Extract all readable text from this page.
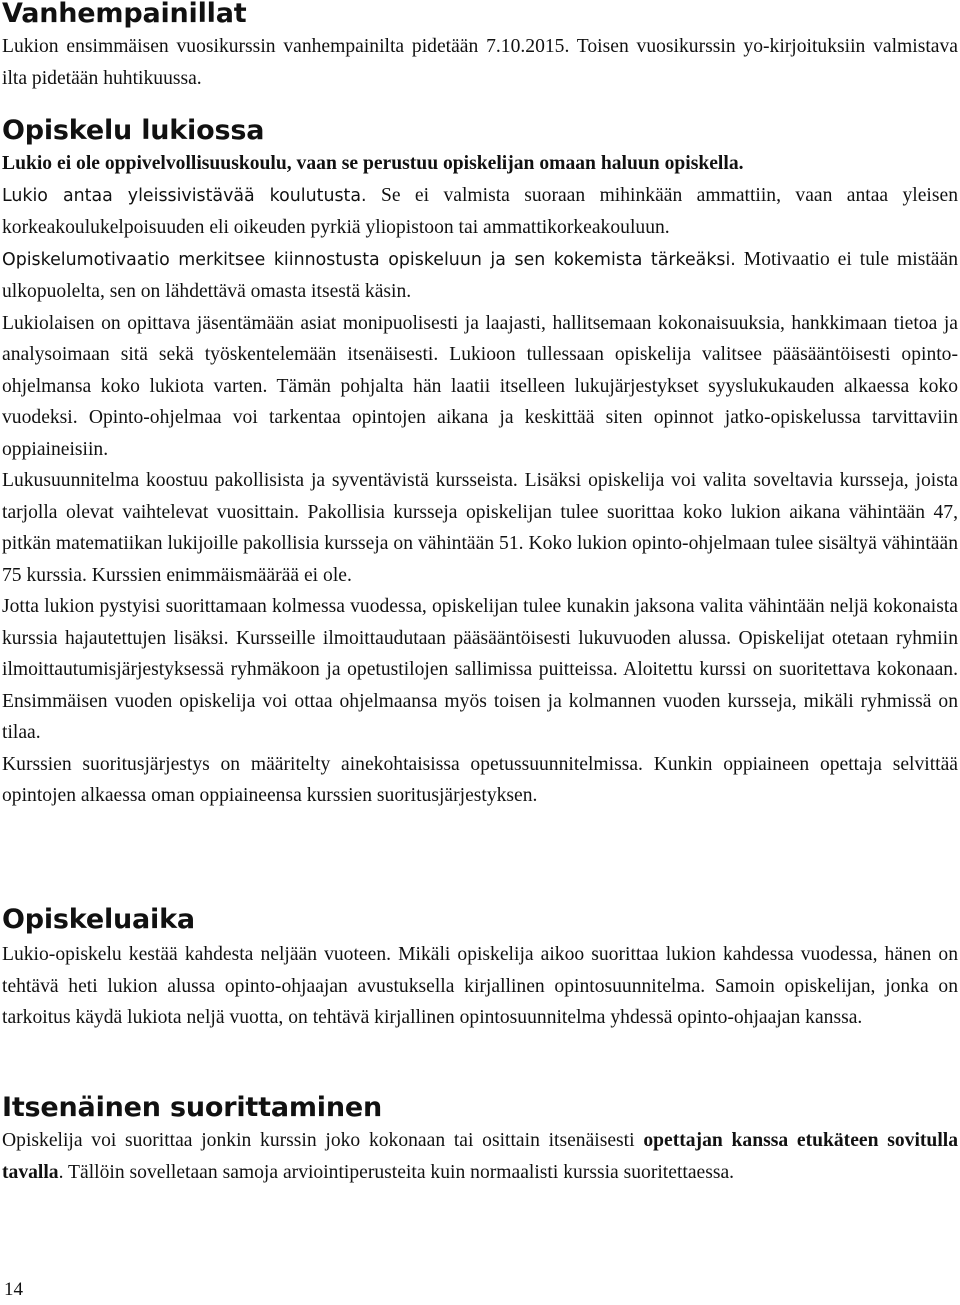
Vanhempainillat

Lukion ensimmäisen vuosikurssin vanhempainilta pidetään 7.10.2015. Toisen vuosikurssin yo-kirjoituksiin valmistava ilta pidetään huhtikuussa.

Opiskelu lukiossa

Lukio ei ole oppivelvollisuuskoulu, vaan se perustuu opiskelijan omaan haluun opiskella.

Lukio antaa yleissivistävää koulutusta. Se ei valmista suoraan mihinkään ammattiin, vaan antaa yleisen korkeakoulukelpoisuuden eli oikeuden pyrkiä yliopistoon tai ammattikorkeakouluun.

Opiskelumotivaatio merkitsee kiinnostusta opiskeluun ja sen kokemista tärkeäksi. Motivaatio ei tule mistään ulkopuolelta, sen on lähdettävä omasta itsestä käsin.

Lukiolaisen on opittava jäsentämään asiat monipuolisesti ja laajasti, hallitsemaan kokonaisuuksia, hankkimaan tietoa ja analysoimaan sitä sekä työskentelemään itsenäisesti. Lukioon tullessaan opiskelija valitsee pääsääntöisesti opinto-ohjelmansa koko lukiota varten. Tämän pohjalta hän laatii itselleen lukujärjestykset syyslukukauden alkaessa koko vuodeksi. Opinto-ohjelmaa voi tarkentaa opintojen aikana ja keskittää siten opinnot jatko-opiskelussa tarvittaviin oppiaineisiin.

Lukusuunnitelma koostuu pakollisista ja syventävistä kursseista. Lisäksi opiskelija voi valita soveltavia kursseja, joista tarjolla olevat vaihtelevat vuosittain. Pakollisia kursseja opiskelijan tulee suorittaa koko lukion aikana vähintään 47, pitkän matematiikan lukijoille pakollisia kursseja on vähintään 51. Koko lukion opinto-ohjelmaan tulee sisältyä vähintään 75 kurssia. Kurssien enimmäismäärää ei ole.

Jotta lukion pystyisi suorittamaan kolmessa vuodessa, opiskelijan tulee kunakin jaksona valita vähintään neljä kokonaista kurssia hajautettujen lisäksi. Kursseille ilmoittaudutaan pääsääntöisesti lukuvuoden alussa. Opiskelijat otetaan ryhmiin ilmoittautumisjärjestyksessä ryhmäkoon ja opetustilojen sallimissa puitteissa. Aloitettu kurssi on suoritettava kokonaan. Ensimmäisen vuoden opiskelija voi ottaa ohjelmaansa myös toisen ja kolmannen vuoden kursseja, mikäli ryhmissä on tilaa.

Kurssien suoritusjärjestys on määritelty ainekohtaisissa opetussuunnitelmissa. Kunkin oppiaineen opettaja selvittää opintojen alkaessa oman oppiaineensa kurssien suoritusjärjestyksen.

Opiskeluaika

Lukio-opiskelu kestää kahdesta neljään vuoteen. Mikäli opiskelija aikoo suorittaa lukion kahdessa vuodessa, hänen on tehtävä heti lukion alussa opinto-ohjaajan avustuksella kirjallinen opintosuunnitelma. Samoin opiskelijan, jonka on tarkoitus käydä lukiota neljä vuotta, on tehtävä kirjallinen opintosuunnitelma yhdessä opinto-ohjaajan kanssa.

Itsenäinen suorittaminen

Opiskelija voi suorittaa jonkin kurssin joko kokonaan tai osittain itsenäisesti opettajan kanssa etukäteen sovitulla tavalla. Tällöin sovelletaan samoja arviointiperusteita kuin normaalisti kurssia suoritettaessa.

14
